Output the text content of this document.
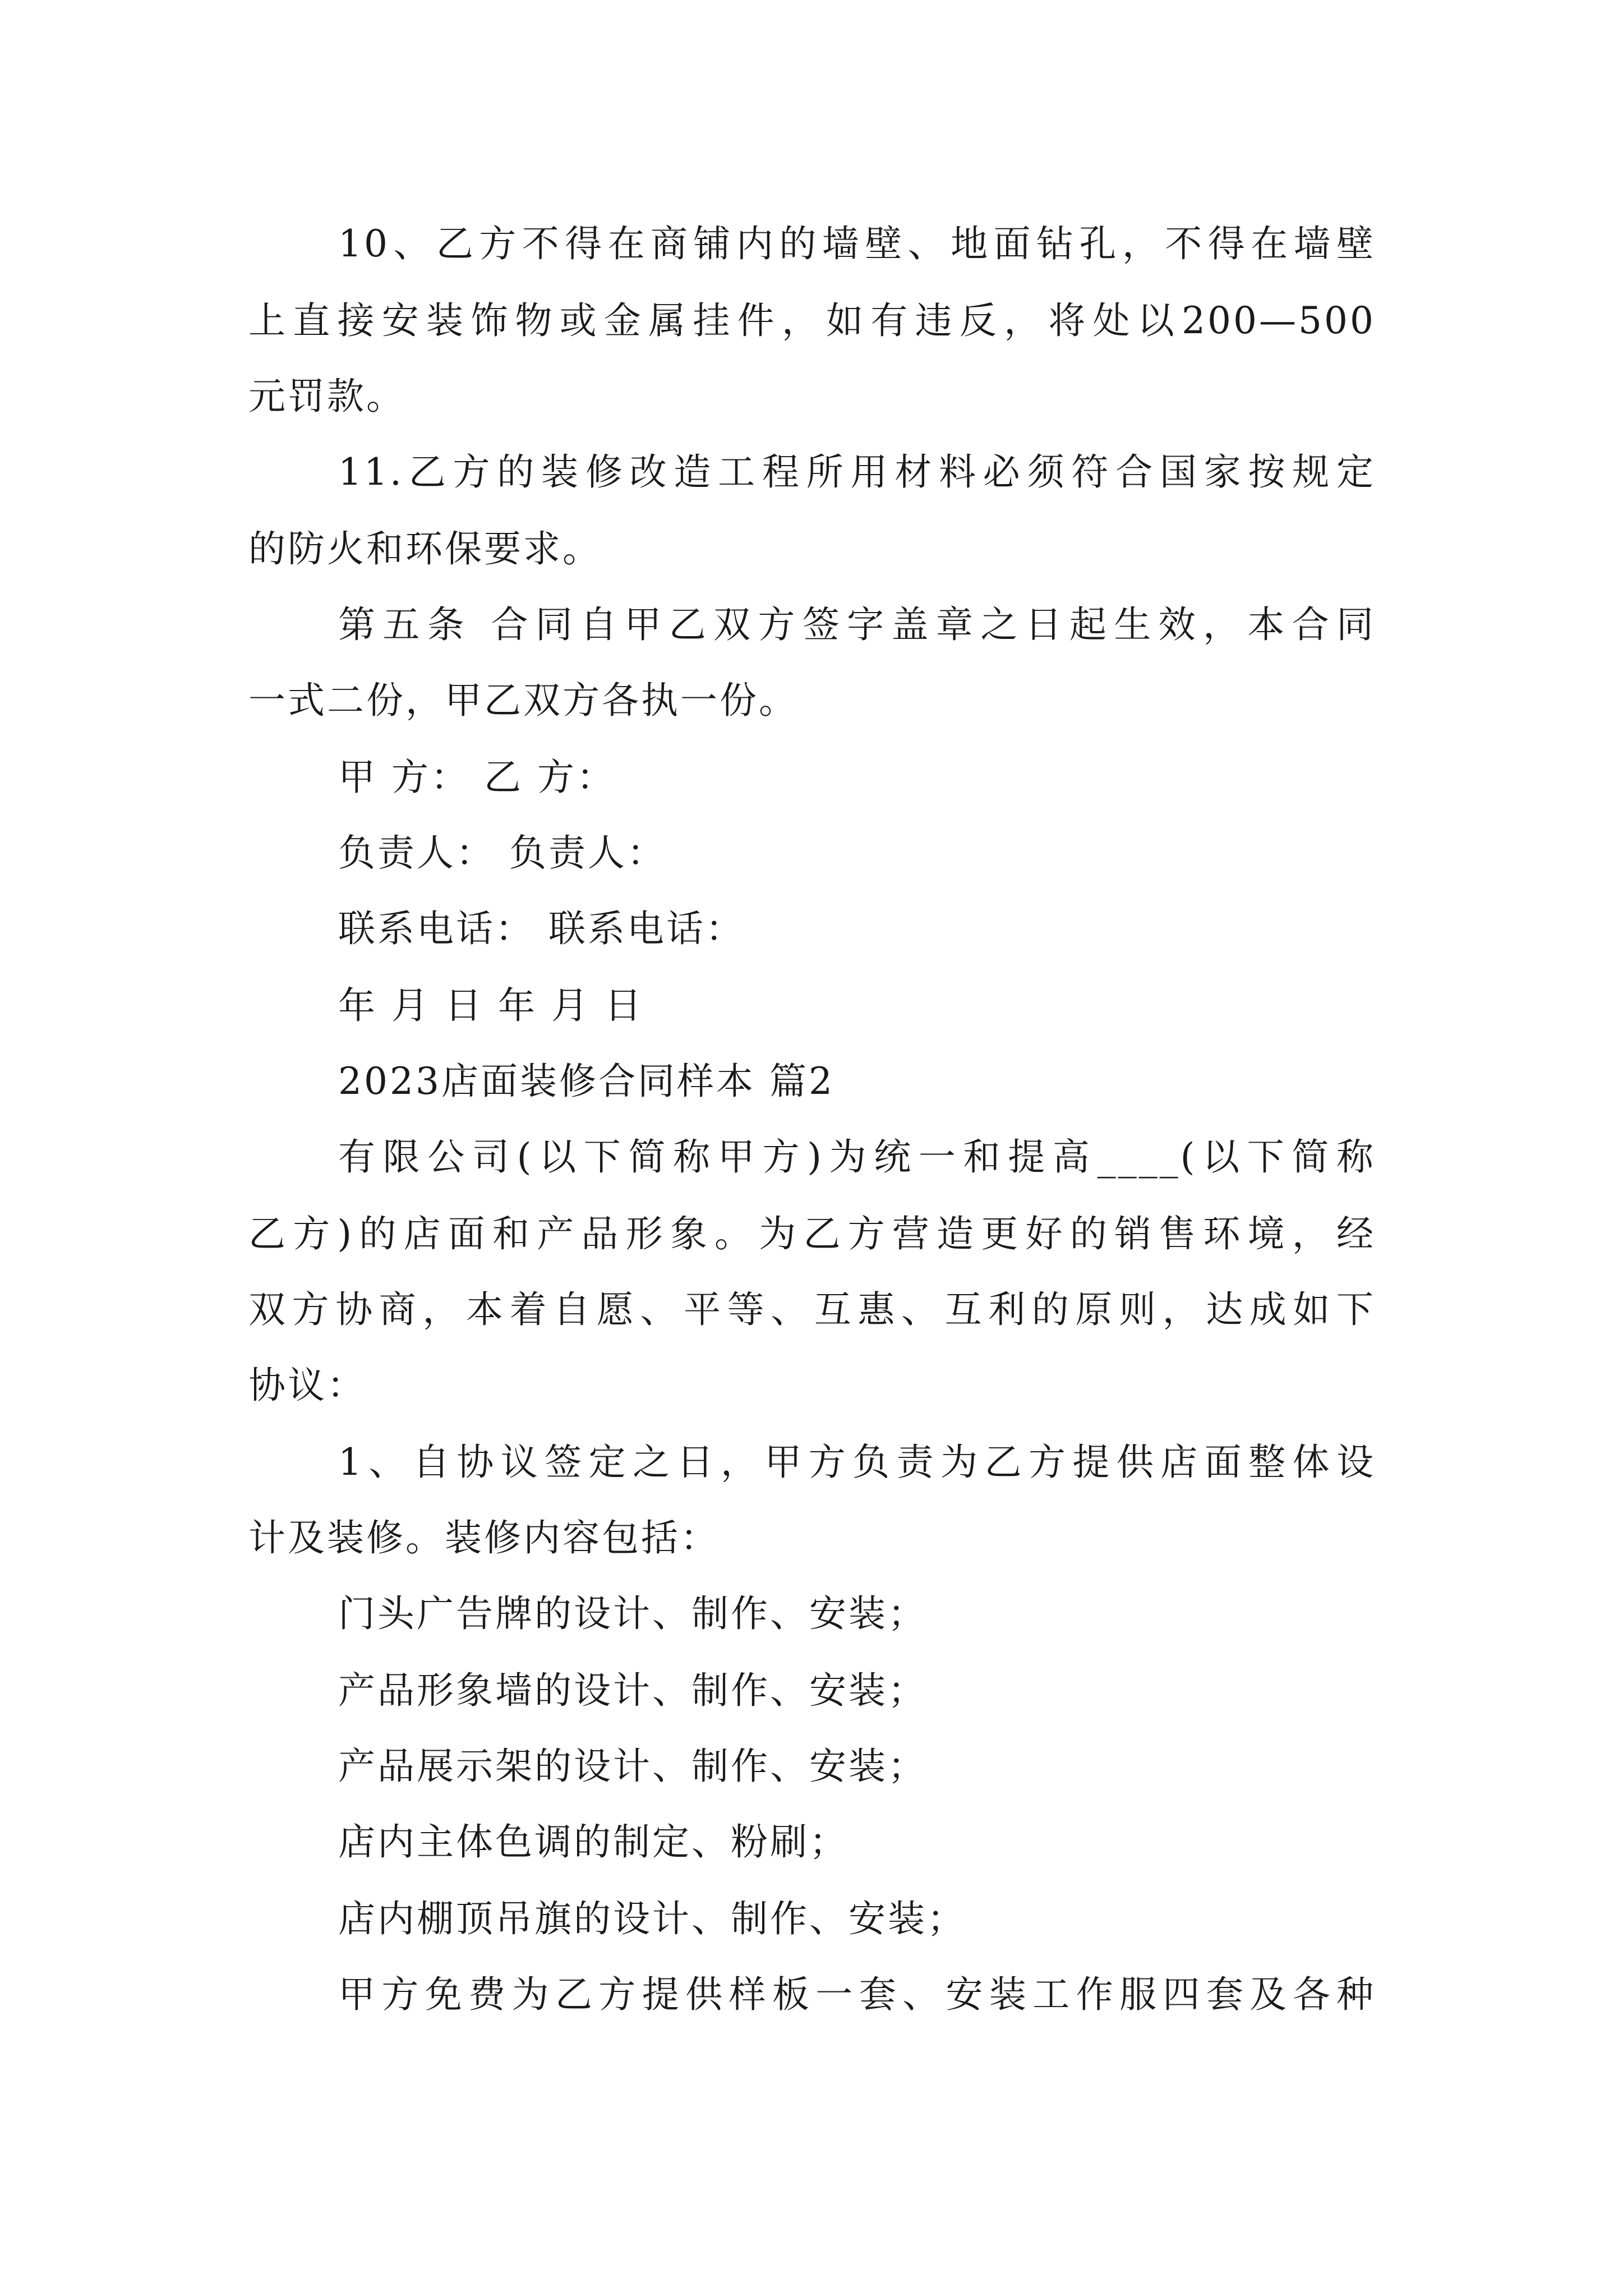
10、乙方不得在商铺内的墙壁、地面钻孔，不得在墙壁

上直接安装饰物或金属挂件，如有违反，将处以200—500

元罚款。

11.乙方的装修改造工程所用材料必须符合国家按规定

的防火和环保要求。

第五条 合同自甲乙双方签字盖章之日起生效，本合同

一式二份，甲乙双方各执一份。

甲 方： 乙 方：

负责人： 负责人：

联系电话： 联系电话：

年 月 日 年 月 日

2023店面装修合同样本 篇2

有限公司(以下简称甲方)为统一和提高____(以下简称

乙方)的店面和产品形象。为乙方营造更好的销售环境，经

双方协商，本着自愿、平等、互惠、互利的原则，达成如下

协议：

1、自协议签定之日，甲方负责为乙方提供店面整体设

计及装修。装修内容包括：

门头广告牌的设计、制作、安装；

产品形象墙的设计、制作、安装；

产品展示架的设计、制作、安装；

店内主体色调的制定、粉刷；

店内棚顶吊旗的设计、制作、安装；

甲方免费为乙方提供样板一套、安装工作服四套及各种
